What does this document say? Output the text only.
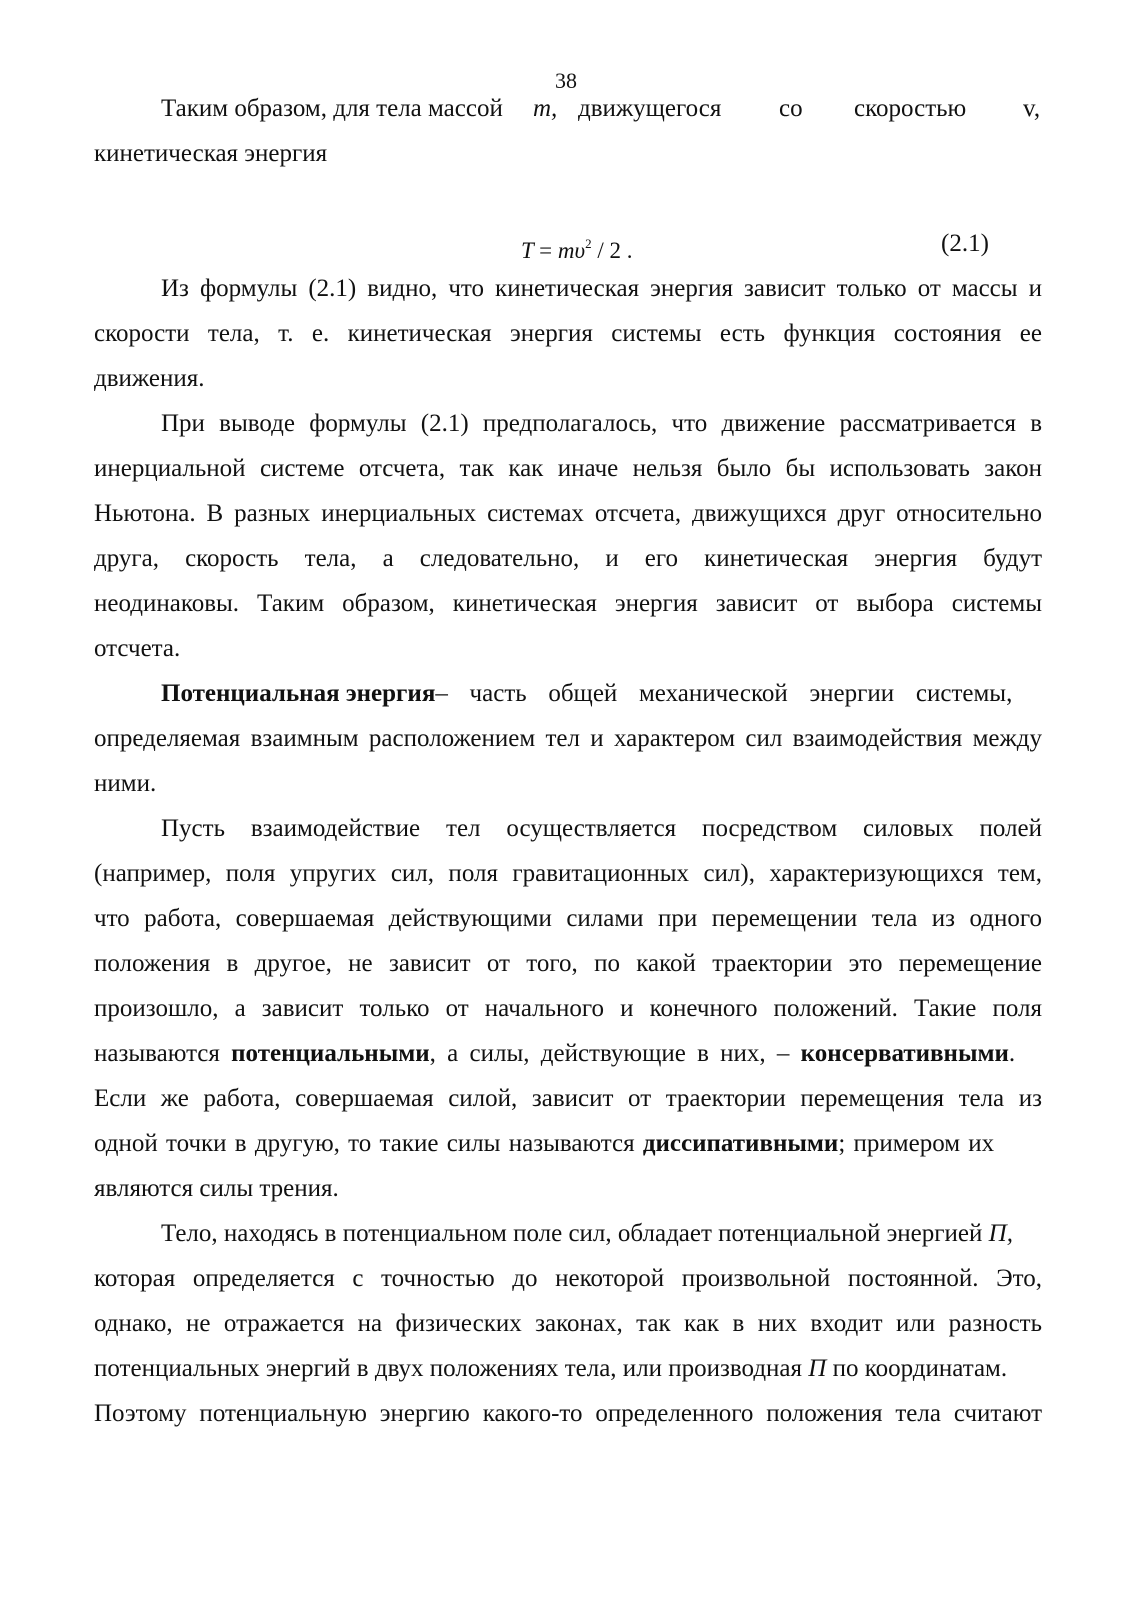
38
Таким образом, для тела массой m, движущегося со скоростью v,
кинетическая энергия
$T = m\upsilon^2 / 2$ .	(2.1)
Из формулы (2.1) видно, что кинетическая энергия зависит только от массы и
скорости тела, т. е. кинетическая энергия системы есть функция состояния ее
движения.
При выводе формулы (2.1) предполагалось, что движение рассматривается в
инерциальной системе отсчета, так как иначе нельзя было бы использовать закон
Ньютона. В разных инерциальных системах отсчета, движущихся друг относительно
друга, скорость тела, а следовательно, и его кинетическая энергия будут
неодинаковы. Таким образом, кинетическая энергия зависит от выбора системы
отсчета.
Потенциальная энергия– часть общей механической энергии системы,
определяемая взаимным расположением тел и характером сил взаимодействия между
ними.
Пусть взаимодействие тел осуществляется посредством силовых полей
(например, поля упругих сил, поля гравитационных сил), характеризующихся тем,
что работа, совершаемая действующими силами при перемещении тела из одного
положения в другое, не зависит от того, по какой траектории это перемещение
произошло, а зависит только от начального и конечного положений. Такие поля
называются потенциальными, а силы, действующие в них, – консервативными.
Если же работа, совершаемая силой, зависит от траектории перемещения тела из
одной точки в другую, то такие силы называются диссипативными; примером их
являются силы трения.
Тело, находясь в потенциальном поле сил, обладает потенциальной энергией П,
которая определяется с точностью до некоторой произвольной постоянной. Это,
однако, не отражается на физических законах, так как в них входит или разность
потенциальных энергий в двух положениях тела, или производная П по координатам.
Поэтому потенциальную энергию какого-то определенного положения тела считают
